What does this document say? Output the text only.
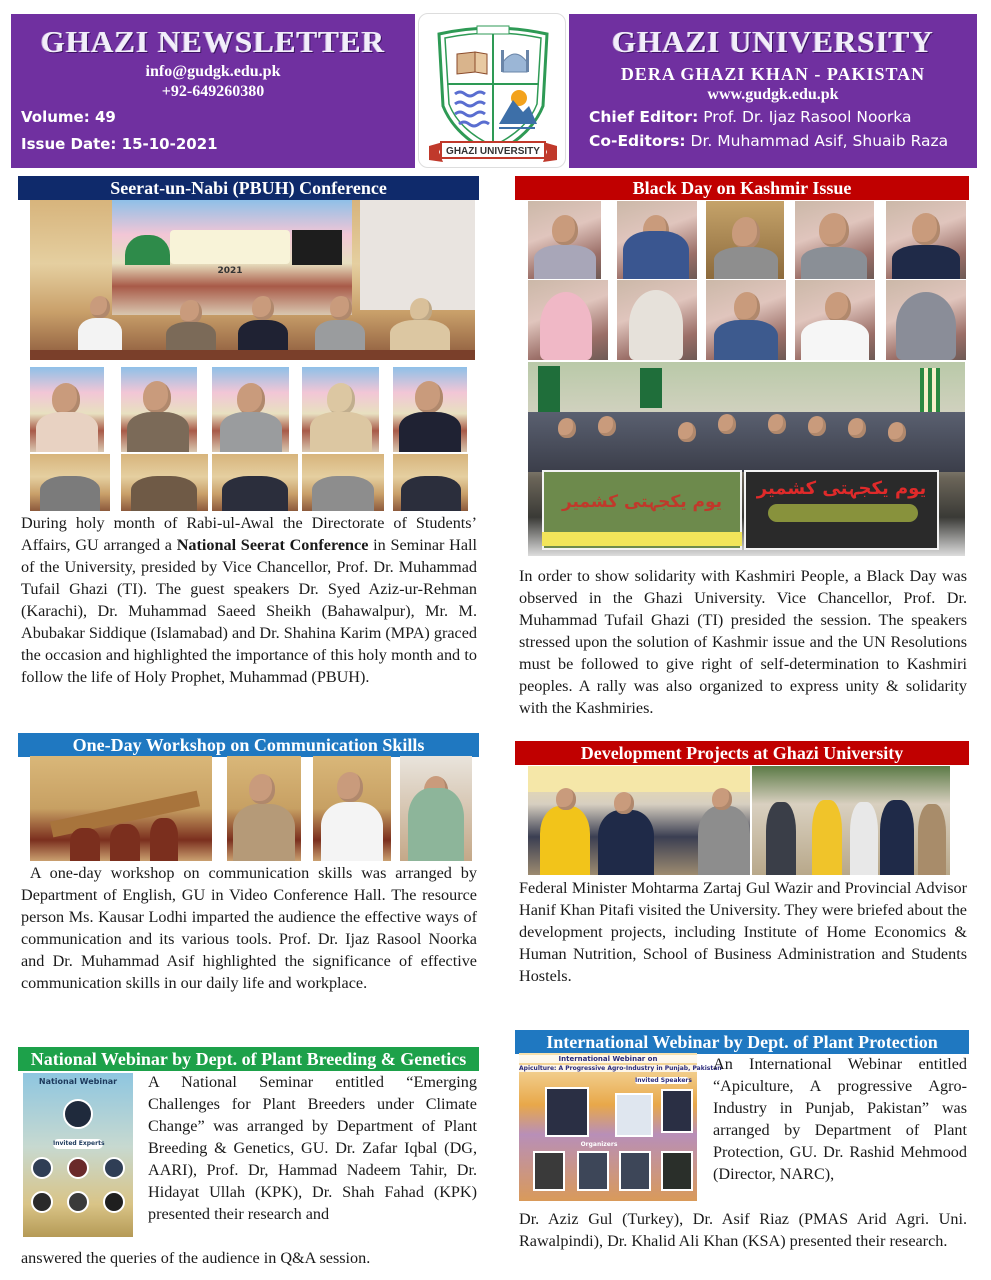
GHAZI NEWSLETTER
info@gudgk.edu.pk
+92-649260380
Volume: 49
Issue Date: 15-10-2021	GHAZI UNIVERSITY
GHAZI UNIVERSITY
DERA GHAZI KHAN - PAKISTAN
www.gudgk.edu.pk
Chief Editor: Prof. Dr. Ijaz Rasool Noorka
Co-Editors: Dr. Muhammad Asif, Shuaib Raza
Seerat-un-Nabi (PBUH) Conference
2021
During holy month of Rabi-ul-Awal the Directorate of Students’ Affairs, GU arranged a National Seerat Conference in Seminar Hall of the University, presided by Vice Chancellor, Prof. Dr. Muhammad Tufail Ghazi (TI). The guest speakers Dr. Syed Aziz-ur-Rehman (Karachi), Dr. Muhammad Saeed Sheikh (Bahawalpur), Mr. M. Abubakar Siddique (Islamabad) and Dr. Shahina Karim (MPA) graced the occasion and highlighted the importance of this holy month and to follow the life of Holy Prophet, Muhammad (PBUH).
One-Day Workshop on Communication Skills
A one-day workshop on communication skills was arranged by Department of English, GU in Video Conference Hall. The resource person Ms. Kausar Lodhi imparted the audience the effective ways of communication and its various tools. Prof. Dr. Ijaz Rasool Noorka and Dr. Muhammad Asif highlighted the significance of effective communication skills in our daily life and workplace.
National Webinar by Dept. of Plant Breeding & Genetics
National Webinar
Invited Experts
A National Seminar entitled “Emerging Challenges for Plant Breeders under Climate Change” was arranged by Department of Plant Breeding & Genetics, GU. Dr. Zafar Iqbal (DG, AARI), Prof. Dr, Hammad Nadeem Tahir, Dr. Hidayat Ullah (KPK), Dr. Shah Fahad (KPK) presented their research and
answered the queries of the audience in Q&A session.
Black Day on Kashmir Issue
یوم یکجہتی کشمیر
یوم یکجہتی کشمیر
In order to show solidarity with Kashmiri People, a Black Day was observed in the Ghazi University. Vice Chancellor, Prof. Dr. Muhammad Tufail Ghazi (TI) presided the session. The speakers stressed upon the solution of Kashmir issue and the UN Resolutions must be followed to give right of self-determination to Kashmiri peoples. A rally was also organized to express unity & solidarity with the Kashmiries.
Development Projects at Ghazi University
Federal Minister Mohtarma Zartaj Gul Wazir and Provincial Advisor Hanif Khan Pitafi visited the University. They were briefed about the development projects, including Institute of Home Economics & Human Nutrition, School of Business Administration and Students Hostels.
International Webinar by Dept. of Plant Protection
International Webinar on
Apiculture: A Progressive Agro-Industry in Punjab, Pakistan
Invited Speakers
Organizers
An International Webinar entitled “Apiculture, A progressive Agro-Industry in Punjab, Pakistan” was arranged by Department of Plant Protection, GU. Dr. Rashid Mehmood (Director, NARC),
Dr. Aziz Gul (Turkey), Dr. Asif Riaz (PMAS Arid Agri. Uni. Rawalpindi), Dr. Khalid Ali Khan (KSA) presented their research.
